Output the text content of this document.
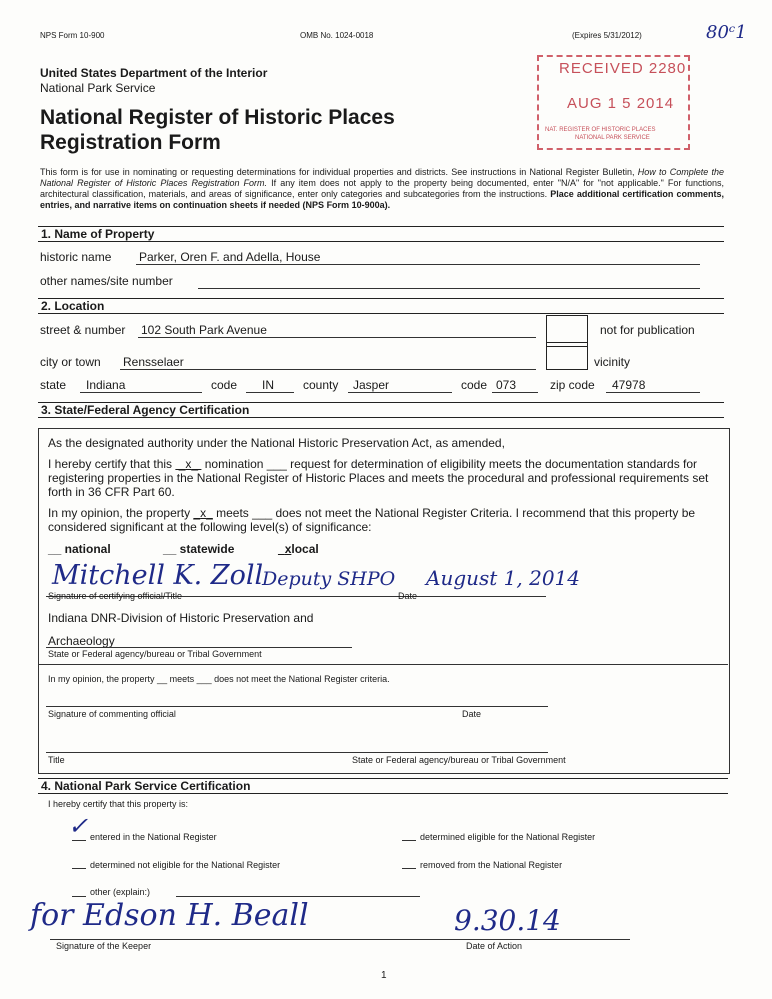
NPS Form 10-900	OMB No. 1024-0018	(Expires 5/31/2012)	80ᶜ1
United States Department of the Interior
National Park Service
RECEIVED 2280
AUG 1 5 2014
NAT. REGISTER OF HISTORIC PLACES
NATIONAL PARK SERVICE
National Register of Historic Places
Registration Form
This form is for use in nominating or requesting determinations for individual properties and districts. See instructions in National Register Bulletin, How to Complete the National Register of Historic Places Registration Form. If any item does not apply to the property being documented, enter "N/A" for "not applicable." For functions, architectural classification, materials, and areas of significance, enter only categories and subcategories from the instructions. Place additional certification comments, entries, and narrative items on continuation sheets if needed (NPS Form 10-900a).
1. Name of Property
historic name Parker, Oren F. and Adella, House
other names/site number
2. Location
street & number 102 South Park Avenue	not for publication
city or town Rensselaer	vicinity
state Indiana	code IN county Jasper	code 073	zip code 47978
3. State/Federal Agency Certification
As the designated authority under the National Historic Preservation Act, as amended,
I hereby certify that this  _x_  nomination ___ request for determination of eligibility meets the documentation standards for registering properties in the National Register of Historic Places and meets the procedural and professional requirements set forth in 36 CFR Part 60.
In my opinion, the property _x_ meets ___ does not meet the National Register Criteria. I recommend that this property be considered significant at the following level(s) of significance:
__ national	__ statewide	_xlocal
Mitchell K. Zoll
Deputy SHPO August 1, 2014
Signature of certifying official/Title	Date
Indiana DNR-Division of Historic Preservation and
Archaeology
State or Federal agency/bureau or Tribal Government
In my opinion, the property __ meets ___ does not meet the National Register criteria.
Signature of commenting official	Date
Title	State or Federal agency/bureau or Tribal Government
4. National Park Service Certification
I hereby certify that this property is:
✓ entered in the National Register	determined eligible for the National Register
determined not eligible for the National Register	removed from the National Register
other (explain:)
for Edson H. Beall	9.30.14
Signature of the Keeper	Date of Action
1
